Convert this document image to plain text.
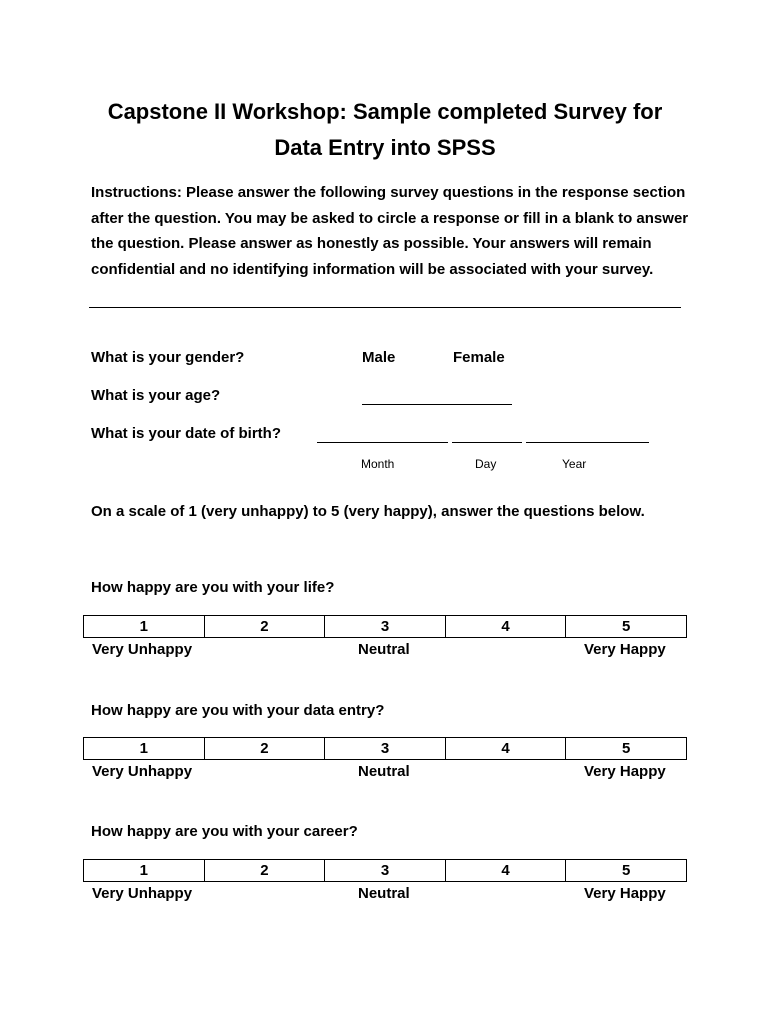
Capstone II Workshop: Sample completed Survey for
Data Entry into SPSS
Instructions: Please answer the following survey questions in the response section after the question. You may be asked to circle a response or fill in a blank to answer the question. Please answer as honestly as possible. Your answers will remain confidential and no identifying information will be associated with your survey.
What is your gender?	Male	Female
What is your age?
What is your date of birth?
Month	Day	Year
On a scale of 1 (very unhappy) to 5 (very happy), answer the questions below.
How happy are you with your life?
1	2	3	4	5
Very Unhappy	Neutral	Very Happy
How happy are you with your data entry?
1	2	3	4	5
Very Unhappy	Neutral	Very Happy
How happy are you with your career?
1	2	3	4	5
Very Unhappy	Neutral	Very Happy
